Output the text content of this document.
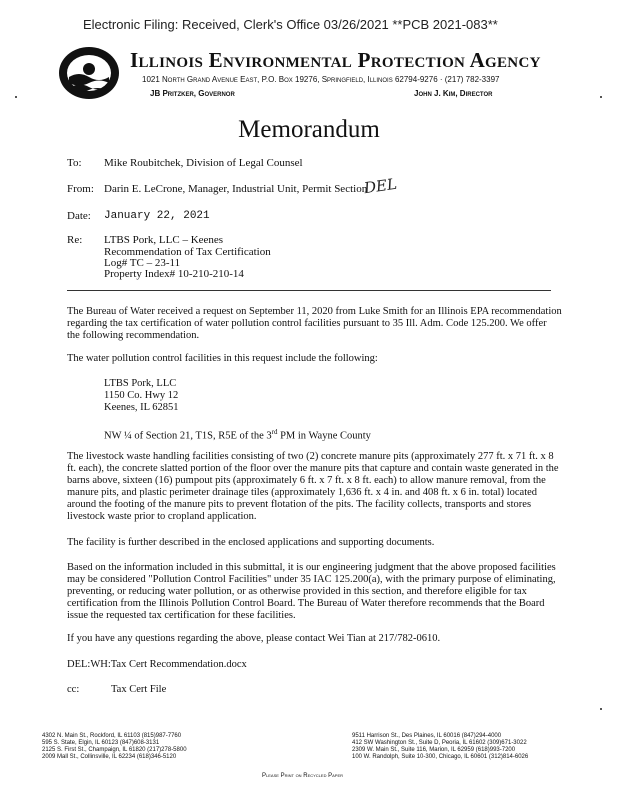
Electronic Filing: Received, Clerk's Office 03/26/2021 **PCB 2021-083**
Illinois Environmental Protection Agency
1021 North Grand Avenue East, P.O. Box 19276, Springfield, Illinois 62794-9276 · (217) 782-3397
JB Pritzker, Governor	John J. Kim, Director
Memorandum
To: Mike Roubitchek, Division of Legal Counsel
From: Darin E. LeCrone, Manager, Industrial Unit, Permit Section
DEL
Date: January 22, 2021
Re: LTBS Pork, LLC – Keenes
Recommendation of Tax Certification
Log# TC – 23-11
Property Index# 10-210-210-14
The Bureau of Water received a request on September 11, 2020 from Luke Smith for an Illinois EPA recommendation regarding the tax certification of water pollution control facilities pursuant to 35 Ill. Adm. Code 125.200. We offer the following recommendation.
The water pollution control facilities in this request include the following:
LTBS Pork, LLC
1150 Co. Hwy 12
Keenes, IL 62851
NW ¼ of Section 21, T1S, R5E of the 3rd PM in Wayne County
The livestock waste handling facilities consisting of two (2) concrete manure pits (approximately 277 ft. x 71 ft. x 8 ft. each), the concrete slatted portion of the floor over the manure pits that capture and contain waste generated in the barns above, sixteen (16) pumpout pits (approximately 6 ft. x 7 ft. x 8 ft. each) to allow manure removal, from the manure pits, and plastic perimeter drainage tiles (approximately 1,636 ft. x 4 in. and 408 ft. x 6 in. total) located around the footing of the manure pits to prevent flotation of the pits. The facility collects, transports and stores livestock waste prior to cropland application.
The facility is further described in the enclosed applications and supporting documents.
Based on the information included in this submittal, it is our engineering judgment that the above proposed facilities may be considered "Pollution Control Facilities" under 35 IAC 125.200(a), with the primary purpose of eliminating, preventing, or reducing water pollution, or as otherwise provided in this section, and therefore eligible for tax certification from the Illinois Pollution Control Board. The Bureau of Water therefore recommends that the Board issue the requested tax certification for these facilities.
If you have any questions regarding the above, please contact Wei Tian at 217/782-0610.
DEL:WH:Tax Cert Recommendation.docx
cc:	Tax Cert File
4302 N. Main St., Rockford, IL 61103 (815)987-7760
595 S. State, Elgin, IL 60123 (847)608-3131
2125 S. First St., Champaign, IL 61820 (217)278-5800
2009 Mall St., Collinsville, IL 62234 (618)346-5120
9511 Harrison St., Des Plaines, IL 60016 (847)294-4000
412 SW Washington St., Suite D, Peoria, IL 61602 (309)671-3022
2309 W. Main St., Suite 116, Marion, IL 62959 (618)993-7200
100 W. Randolph, Suite 10-300, Chicago, IL 60601 (312)814-6026
Please Print on Recycled Paper
